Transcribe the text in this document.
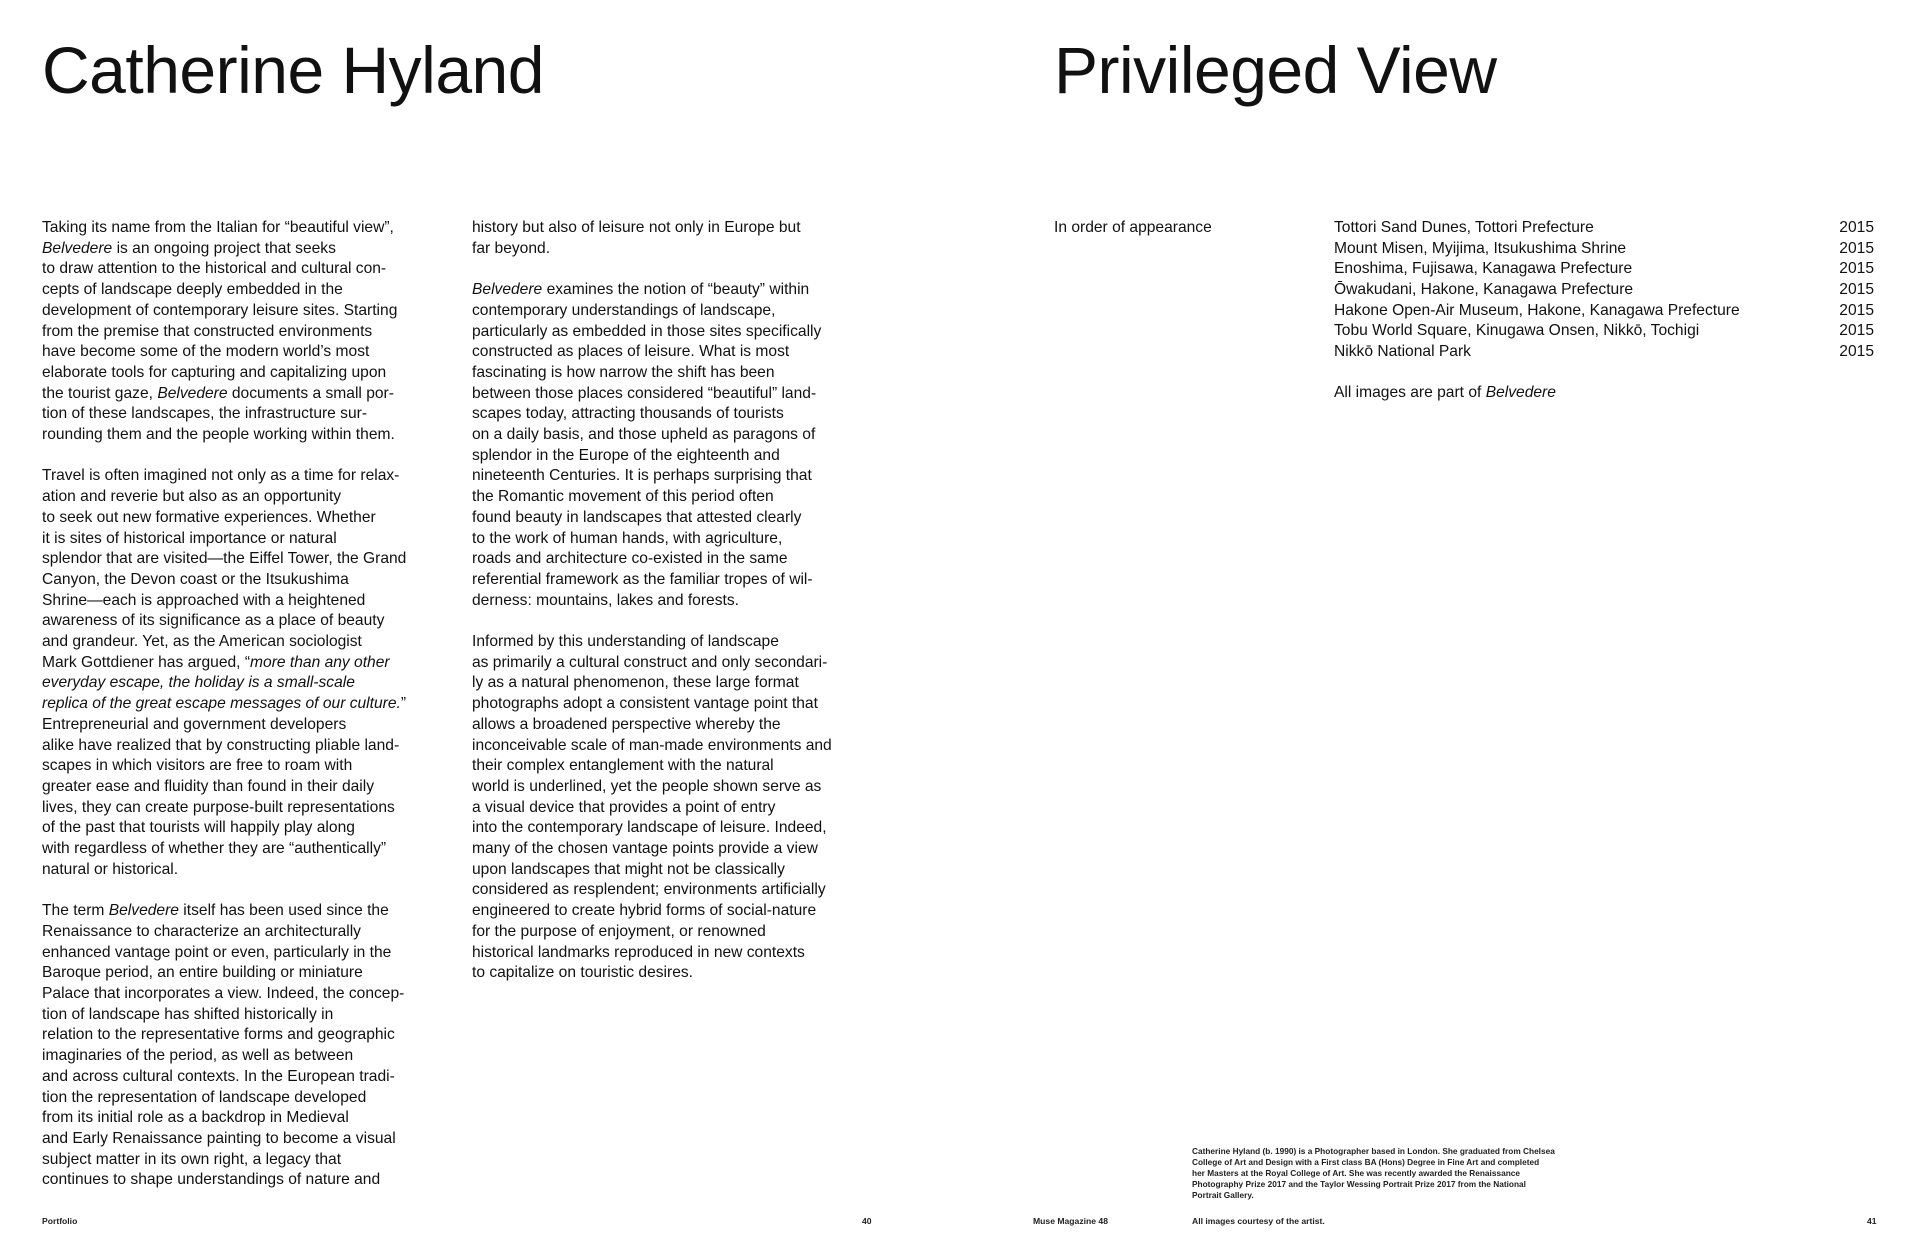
Catherine Hyland

Taking its name from the Italian for “beautiful view”,
Belvedere is an ongoing project that seeks
to draw attention to the historical and cultural con-
cepts of landscape deeply embedded in the
development of contemporary leisure sites. Starting
from the premise that constructed environments
have become some of the modern world’s most
elaborate tools for capturing and capitalizing upon
the tourist gaze, Belvedere documents a small por-
tion of these landscapes, the infrastructure sur-
rounding them and the people working within them.

Travel is often imagined not only as a time for relax-
ation and reverie but also as an opportunity
to seek out new formative experiences. Whether
it is sites of historical importance or natural
splendor that are visited—the Eiffel Tower, the Grand
Canyon, the Devon coast or the Itsukushima
Shrine—each is approached with a heightened
awareness of its significance as a place of beauty
and grandeur. Yet, as the American sociologist
Mark Gottdiener has argued, “more than any other
everyday escape, the holiday is a small-scale
replica of the great escape messages of our culture.”
Entrepreneurial and government developers
alike have realized that by constructing pliable land-
scapes in which visitors are free to roam with
greater ease and fluidity than found in their daily
lives, they can create purpose-built representations
of the past that tourists will happily play along
with regardless of whether they are “authentically”
natural or historical.

The term Belvedere itself has been used since the
Renaissance to characterize an architecturally
enhanced vantage point or even, particularly in the
Baroque period, an entire building or miniature
Palace that incorporates a view. Indeed, the concep-
tion of landscape has shifted historically in
relation to the representative forms and geographic
imaginaries of the period, as well as between
and across cultural contexts. In the European tradi-
tion the representation of landscape developed
from its initial role as a backdrop in Medieval
and Early Renaissance painting to become a visual
subject matter in its own right, a legacy that
continues to shape understandings of nature and

history but also of leisure not only in Europe but
far beyond.

Belvedere examines the notion of “beauty” within
contemporary understandings of landscape,
particularly as embedded in those sites specifically
constructed as places of leisure. What is most
fascinating is how narrow the shift has been
between those places considered “beautiful” land-
scapes today, attracting thousands of tourists
on a daily basis, and those upheld as paragons of
splendor in the Europe of the eighteenth and
nineteenth Centuries. It is perhaps surprising that
the Romantic movement of this period often
found beauty in landscapes that attested clearly
to the work of human hands, with agriculture,
roads and architecture co-existed in the same
referential framework as the familiar tropes of wil-
derness: mountains, lakes and forests.

Informed by this understanding of landscape
as primarily a cultural construct and only secondari-
ly as a natural phenomenon, these large format
photographs adopt a consistent vantage point that
allows a broadened perspective whereby the
inconceivable scale of man-made environments and
their complex entanglement with the natural
world is underlined, yet the people shown serve as
a visual device that provides a point of entry
into the contemporary landscape of leisure. Indeed,
many of the chosen vantage points provide a view
upon landscapes that might not be classically
considered as resplendent; environments artificially
engineered to create hybrid forms of social-nature
for the purpose of enjoyment, or renowned
historical landmarks reproduced in new contexts
to capitalize on touristic desires.

Portfolio	40
Privileged View
In order of appearance	Tottori Sand Dunes, Tottori Prefecture	2015
Mount Misen, Myijima, Itsukushima Shrine	2015
Enoshima, Fujisawa, Kanagawa Prefecture	2015
Ōwakudani, Hakone, Kanagawa Prefecture	2015
Hakone Open-Air Museum, Hakone, Kanagawa Prefecture	2015
Tobu World Square, Kinugawa Onsen, Nikkō, Tochigi	2015
Nikkō National Park	2015
All images are part of Belvedere
Catherine Hyland (b. 1990) is a Photographer based in London. She graduated from Chelsea
College of Art and Design with a First class BA (Hons) Degree in Fine Art and completed
her Masters at the Royal College of Art. She was recently awarded the Renaissance
Photography Prize 2017 and the Taylor Wessing Portrait Prize 2017 from the National
Portrait Gallery.
Muse Magazine 48	All images courtesy of the artist.	41
